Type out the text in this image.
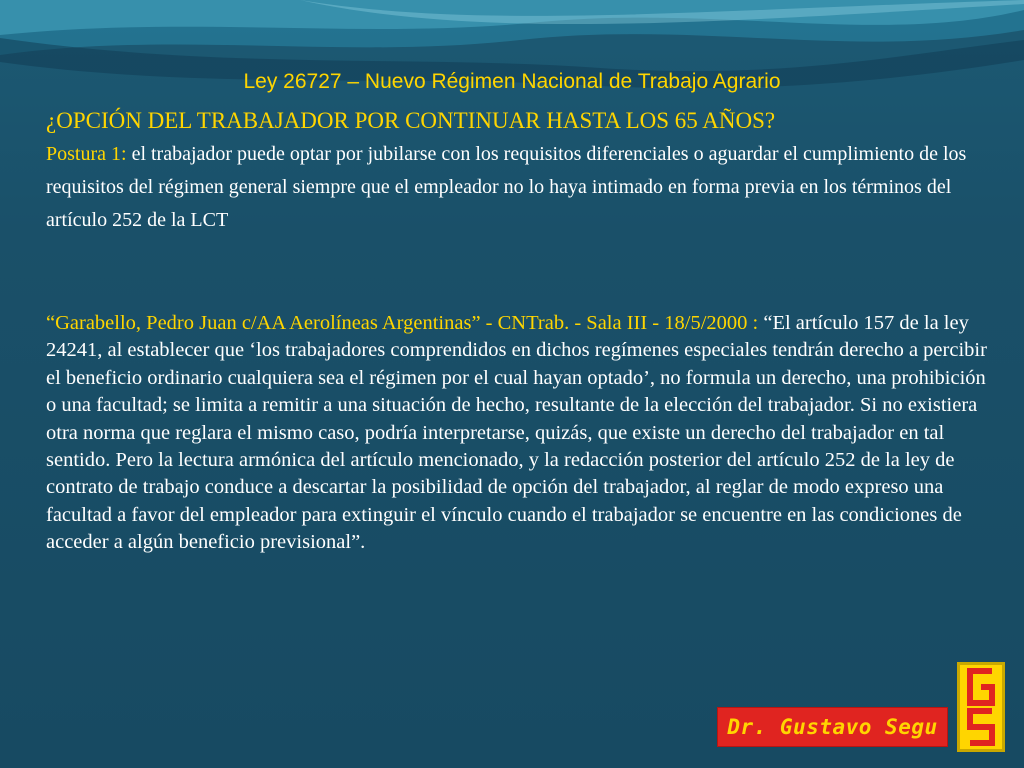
Ley 26727 – Nuevo Régimen Nacional de Trabajo Agrario
¿OPCIÓN DEL TRABAJADOR POR CONTINUAR HASTA LOS 65 AÑOS?
Postura 1: el trabajador puede optar por jubilarse con los requisitos diferenciales o aguardar el cumplimiento de los requisitos del régimen general siempre que el empleador no lo haya intimado en forma previa en los términos del artículo 252 de la LCT
“Garabello, Pedro Juan c/AA Aerolíneas Argentinas” - CNTrab. - Sala III - 18/5/2000 : “El artículo 157 de la ley 24241, al establecer que ‘los trabajadores comprendidos en dichos regímenes especiales tendrán derecho a percibir el beneficio ordinario cualquiera sea el régimen por el cual hayan optado’, no formula un derecho, una prohibición o una facultad; se limita a remitir a una situación de hecho, resultante de la elección del trabajador. Si no existiera otra norma que reglara el mismo caso, podría interpretarse, quizás, que existe un derecho del trabajador en tal sentido. Pero la lectura armónica del artículo mencionado, y la redacción posterior del artículo 252 de la ley de contrato de trabajo conduce a descartar la posibilidad de opción del trabajador, al reglar de modo expreso una facultad a favor del empleador para extinguir el vínculo cuando el trabajador se encuentre en las condiciones de acceder a algún beneficio previsional”.
Dr. Gustavo Segu
